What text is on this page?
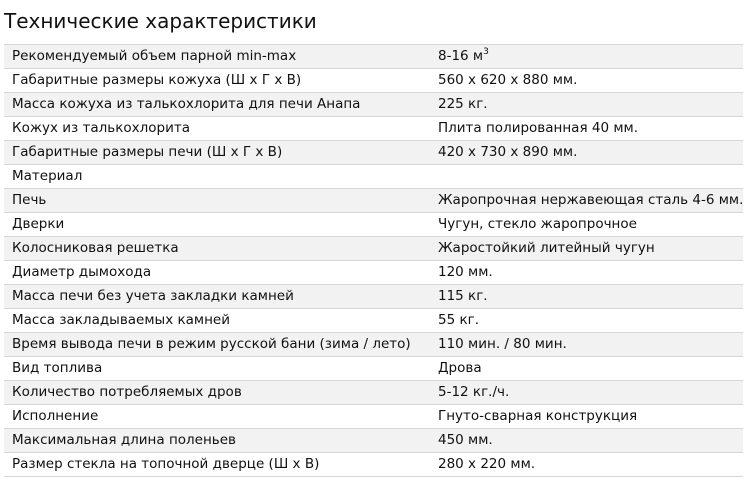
Технические характеристики
Рекомендуемый объем парной min-max	8-16 $м^3$
Габаритные размеры кожуха (Ш х Г х В)	560 х 620 х 880 мм.
Масса кожуха из талькохлорита для печи Анапа	225 кг.
Кожух из талькохлорита	Плита полированная 40 мм.
Габаритные размеры печи (Ш х Г х В)	420 х 730 х 890 мм.
Материал	
Печь	Жаропрочная нержавеющая сталь 4-6 мм.
Дверки	Чугун, стекло жаропрочное
Колосниковая решетка	Жаростойкий литейный чугун
Диаметр дымохода	120 мм.
Масса печи без учета закладки камней	115 кг.
Масса закладываемых камней	55 кг.
Время вывода печи в режим русской бани (зима / лето)	110 мин. / 80 мин.
Вид топлива	Дрова
Количество потребляемых дров	5-12 кг./ч.
Исполнение	Гнуто-сварная конструкция
Максимальная длина поленьев	450 мм.
Размер стекла на топочной дверце (Ш х В)	280 х 220 мм.
